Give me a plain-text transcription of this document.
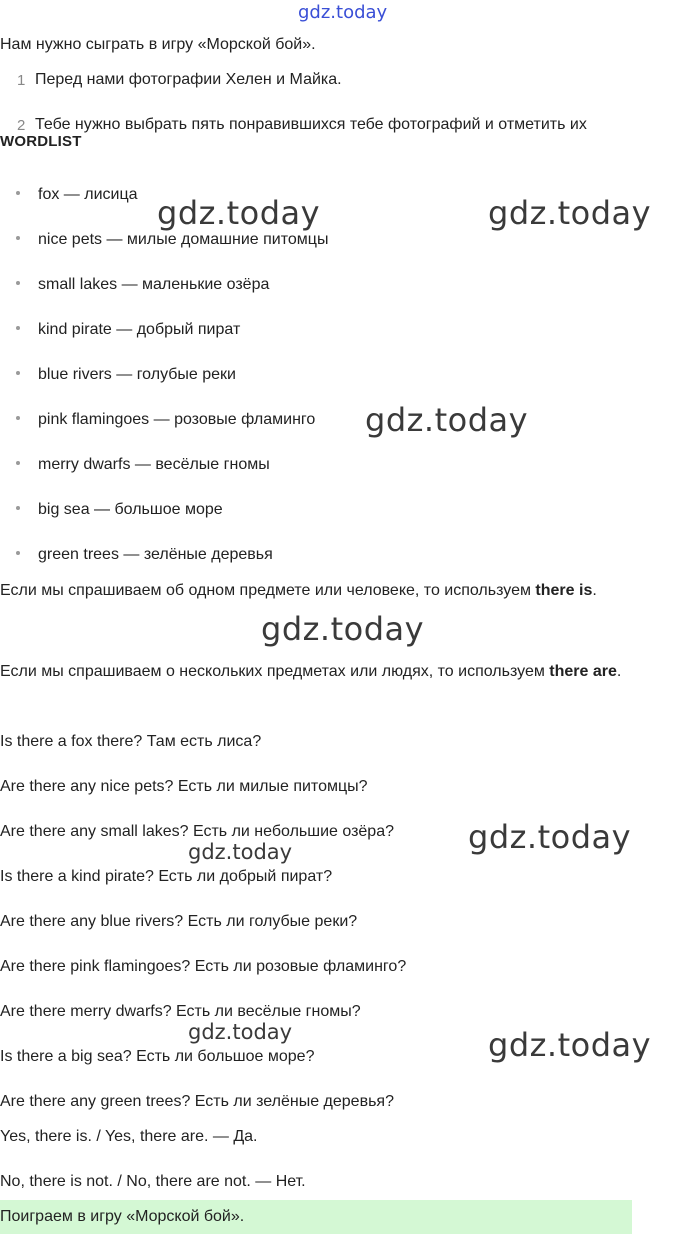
gdz.today
Нам нужно сыграть в игру «Морской бой».
1 Перед нами фотографии Хелен и Майка.
2 Тебе нужно выбрать пять понравившихся тебе фотографий и отметить их
WORDLIST
fox — лисица
nice pets — милые домашние питомцы
small lakes — маленькие озёра
kind pirate — добрый пират
blue rivers — голубые реки
pink flamingoes — розовые фламинго
merry dwarfs — весёлые гномы
big sea — большое море
green trees — зелёные деревья
Если мы спрашиваем об одном предмете или человеке, то используем there is.
Если мы спрашиваем о нескольких предметах или людях, то используем there are.
Is there a fox there? Там есть лиса?
Are there any nice pets? Есть ли милые питомцы?
Are there any small lakes? Есть ли небольшие озёра?
Is there a kind pirate? Есть ли добрый пират?
Are there any blue rivers? Есть ли голубые реки?
Are there pink flamingoes? Есть ли розовые фламинго?
Are there merry dwarfs? Есть ли весёлые гномы?
Is there a big sea? Есть ли большое море?
Are there any green trees? Есть ли зелёные деревья?
Yes, there is. / Yes, there are. — Да.
No, there is not. / No, there are not. — Нет.
Поиграем в игру «Морской бой».
gdz.today	gdz.today
gdz.today
gdz.today
gdz.today
gdz.today
gdz.today	gdz.today
